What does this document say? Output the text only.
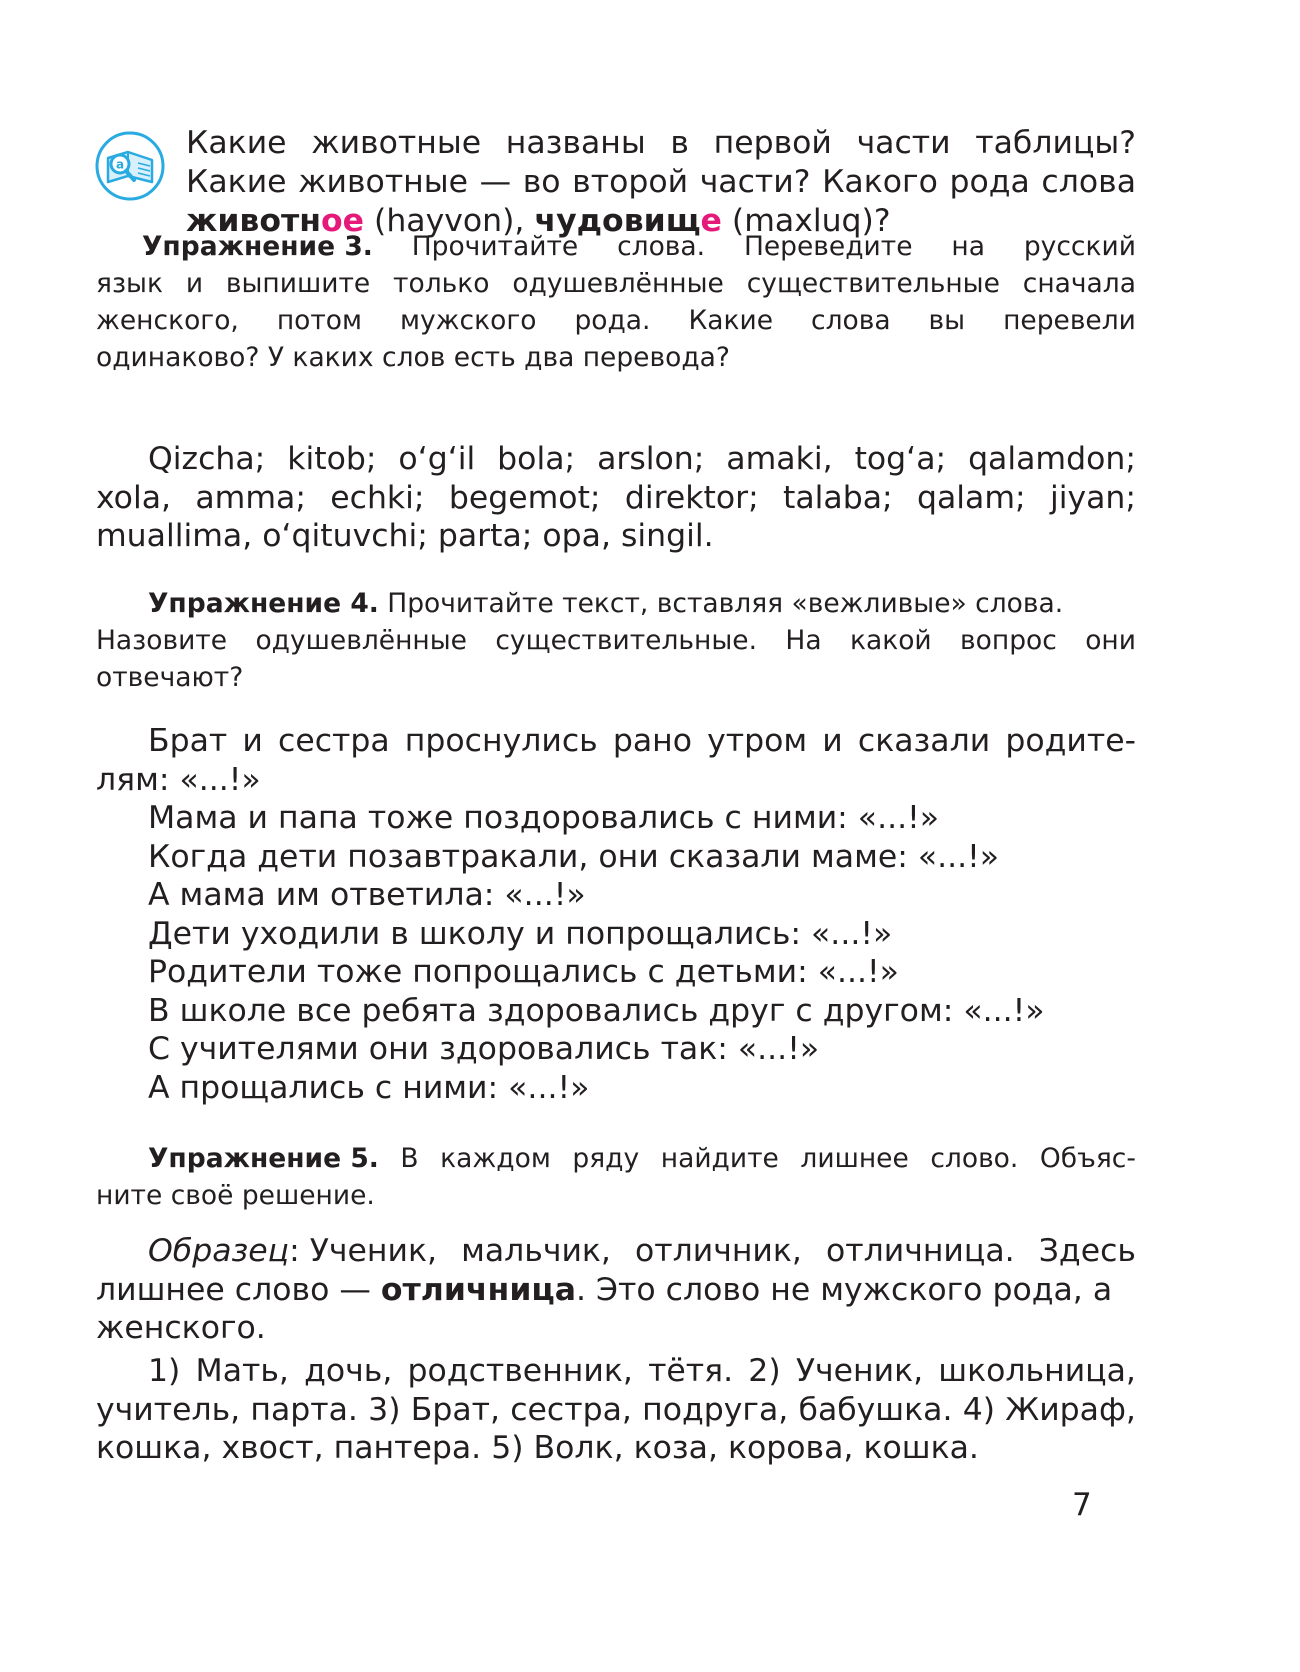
a
Какие животные названы в первой части таблицы?
Какие животные — во второй части? Какого рода слова
животное (hayvon), чудовище (maxluq)?
Упражнение 3. Прочитайте слова. Переведите на русский
язык и выпишите только одушевлённые существительные сначала
женского, потом мужского рода. Какие слова вы перевели
одинаково? У каких слов есть два перевода?
Qizcha; kitob; o‘g‘il bola; arslon; amaki, tog‘a; qalamdon;
xola, amma; echki; begemot; direktor; talaba; qalam; jiyan;
muallima, o‘qituvchi; parta; opa, singil.
Упражнение 4. Прочитайте текст, вставляя «вежливые» слова.
Назовите одушевлённые существительные. На какой вопрос они
отвечают?
Брат и сестра проснулись рано утром и сказали родите-
лям: «...!»
Мама и папа тоже поздоровались с ними: «...!»
Когда дети позавтракали, они сказали маме: «...!»
А мама им ответила: «...!»
Дети уходили в школу и попрощались: «...!»
Родители тоже попрощались с детьми: «...!»
В школе все ребята здоровались друг с другом: «...!»
С учителями они здоровались так: «...!»
А прощались с ними: «...!»
Упражнение 5. В каждом ряду найдите лишнее слово. Объяс-
ните своё решение.
Образец: Ученик, мальчик, отличник, отличница. Здесь
лишнее слово — отличница. Это слово не мужского рода, а
женского.
1) Мать, дочь, родственник, тётя. 2) Ученик, школьница,
учитель, парта. 3) Брат, сестра, подруга, бабушка. 4) Жираф,
кошка, хвост, пантера. 5) Волк, коза, корова, кошка.
7
